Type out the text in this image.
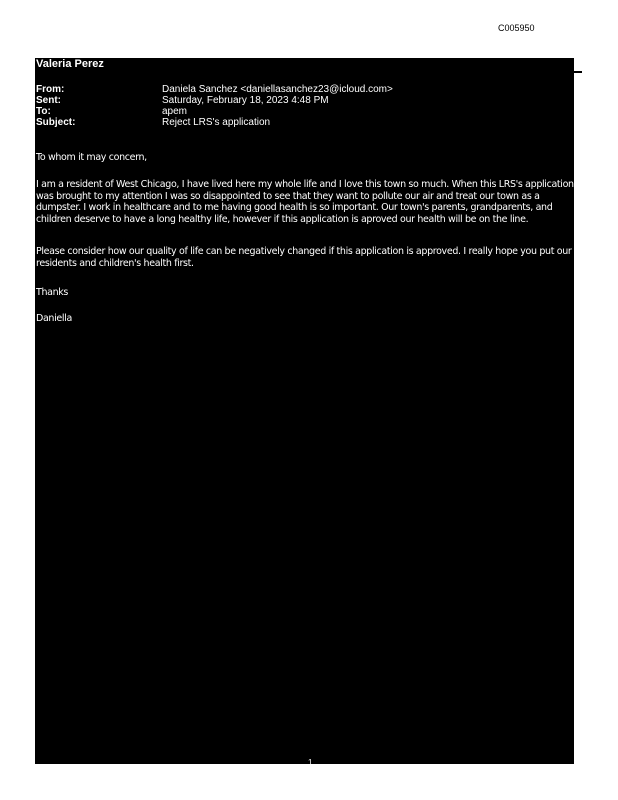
C005950
Valeria Perez
From:	Daniela Sanchez <daniellasanchez23@icloud.com>
Sent:	Saturday, February 18, 2023 4:48 PM
To:	apem
Subject:	Reject LRS's application

To whom it may concern,

I am a resident of West Chicago, I have lived here my whole life and I love this town so much. When this LRS's application was brought to my attention I was so disappointed to see that they want to pollute our air and treat our town as a dumpster. I work in healthcare and to me having good health is so important. Our town's parents, grandparents, and children deserve to have a long healthy life, however if this application is aproved our health will be on the line.

Please consider how our quality of life can be negatively changed if this application is approved. I really hope you put our residents and children's health first.

Thanks

Daniella

1
